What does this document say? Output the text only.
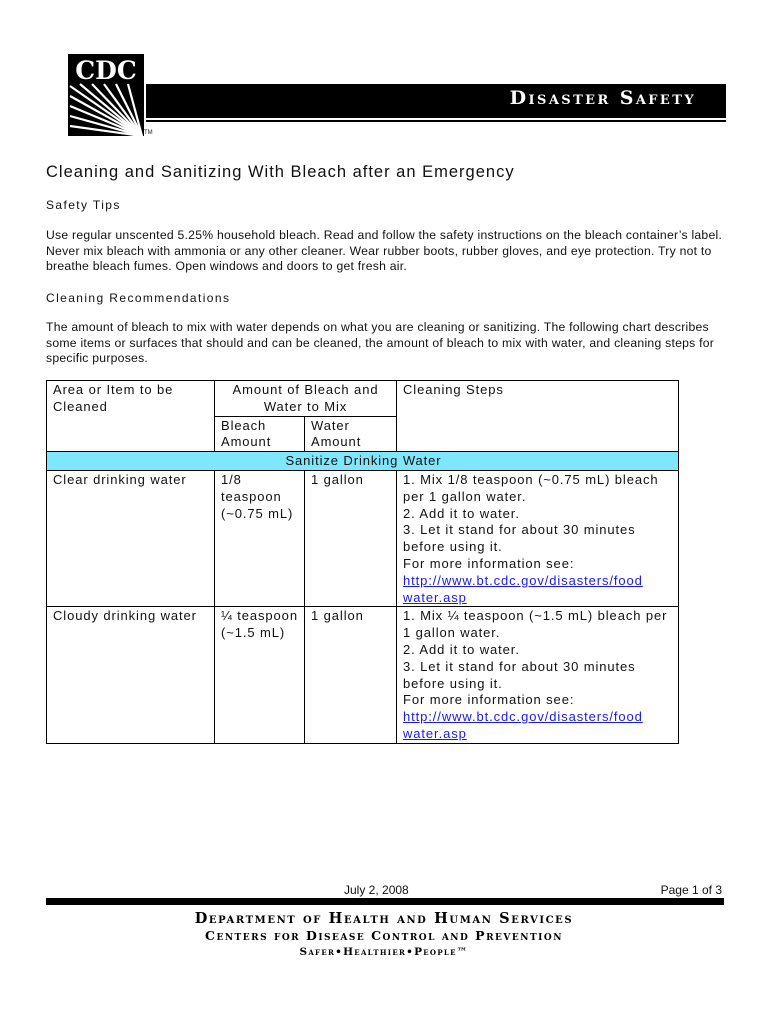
CDC
TM
Disaster Safety
Cleaning and Sanitizing With Bleach after an Emergency
Safety Tips
Use regular unscented 5.25% household bleach. Read and follow the safety instructions on the bleach container’s label. Never mix bleach with ammonia or any other cleaner. Wear rubber boots, rubber gloves, and eye protection. Try not to breathe bleach fumes. Open windows and doors to get fresh air.
Cleaning Recommendations
The amount of bleach to mix with water depends on what you are cleaning or sanitizing. The following chart describes some items or surfaces that should and can be cleaned, the amount of bleach to mix with water, and cleaning steps for specific purposes.
Area or Item to be Cleaned	Amount of Bleach and Water to Mix		Cleaning Steps
	Bleach Amount	Water Amount	
Sanitize Drinking Water			
Clear drinking water	1/8 teaspoon (~0.75 mL)	1 gallon	1. Mix 1/8 teaspoon (~0.75 mL) bleach per 1 gallon water.
2. Add it to water.
3. Let it stand for about 30 minutes before using it.
For more information see:
http://www.bt.cdc.gov/disasters/food water.asp
Cloudy drinking water	¼ teaspoon (~1.5 mL)	1 gallon	1. Mix ¼ teaspoon (~1.5 mL) bleach per 1 gallon water.
2. Add it to water.
3. Let it stand for about 30 minutes before using it.
For more information see:
http://www.bt.cdc.gov/disasters/food water.asp
July 2, 2008	Page 1 of 3
Department of Health and Human Services
Centers for Disease Control and Prevention
Safer•Healthier•People™
